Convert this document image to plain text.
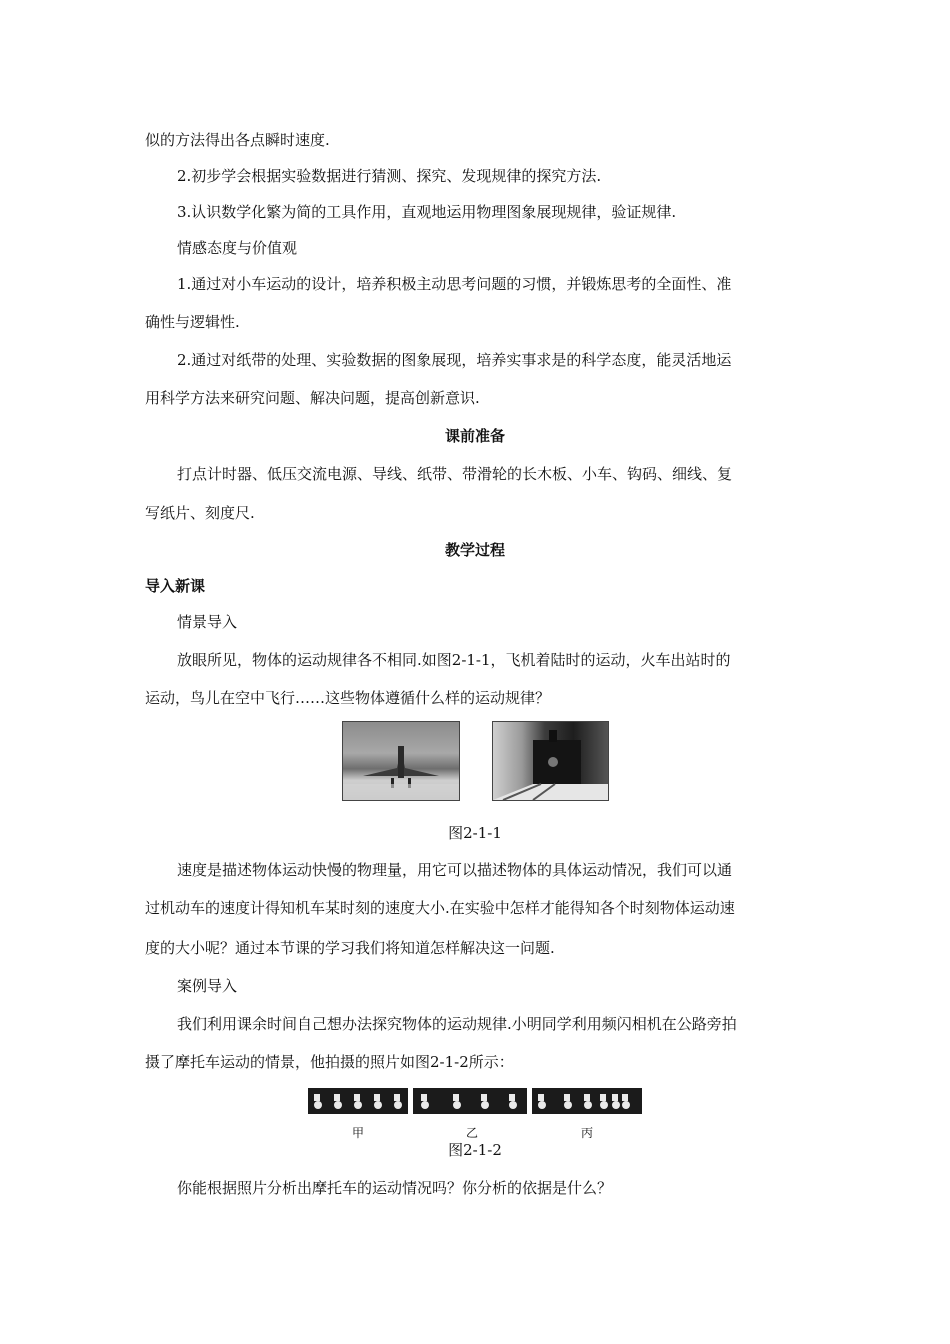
似的方法得出各点瞬时速度.
2.初步学会根据实验数据进行猜测、探究、发现规律的探究方法.
3.认识数学化繁为简的工具作用，直观地运用物理图象展现规律，验证规律.
情感态度与价值观
1.通过对小车运动的设计，培养积极主动思考问题的习惯，并锻炼思考的全面性、准
确性与逻辑性.
2.通过对纸带的处理、实验数据的图象展现，培养实事求是的科学态度，能灵活地运
用科学方法来研究问题、解决问题，提高创新意识.
课前准备
打点计时器、低压交流电源、导线、纸带、带滑轮的长木板、小车、钩码、细线、复
写纸片、刻度尺.
教学过程
导入新课
情景导入
放眼所见，物体的运动规律各不相同.如图2-1-1，飞机着陆时的运动，火车出站时的
运动，鸟儿在空中飞行……这些物体遵循什么样的运动规律？
图2-1-1
速度是描述物体运动快慢的物理量，用它可以描述物体的具体运动情况，我们可以通
过机动车的速度计得知机车某时刻的速度大小.在实验中怎样才能得知各个时刻物体运动速
度的大小呢？通过本节课的学习我们将知道怎样解决这一问题.
案例导入
我们利用课余时间自己想办法探究物体的运动规律.小明同学利用频闪相机在公路旁拍
摄了摩托车运动的情景，他拍摄的照片如图2-1-2所示：
甲	乙	丙
图2-1-2
你能根据照片分析出摩托车的运动情况吗？你分析的依据是什么？
